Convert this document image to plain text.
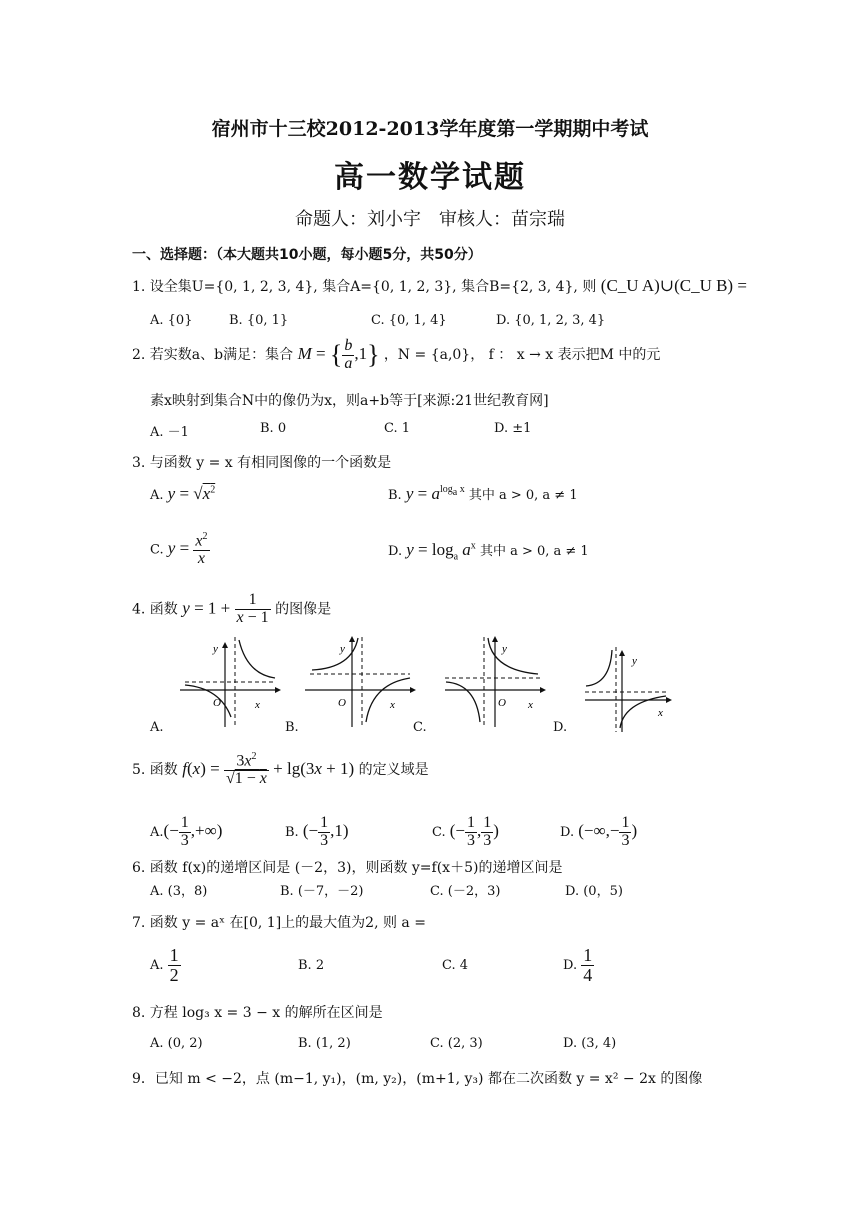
宿州市十三校2012-2013学年度第一学期期中考试
高一数学试题
命题人：刘小宇　审核人：苗宗瑞
一、选择题：（本大题共10小题，每小题5分，共50分）
1. 设全集U={0, 1, 2, 3, 4}, 集合A={0, 1, 2, 3}, 集合B={2, 3, 4}, 则 (C_U A)∪(C_U B) =
A. {0}	B. {0, 1}	C. {0, 1, 4}	D. {0, 1, 2, 3, 4}
2. 若实数a、b满足：集合 M = { $\frac{b}{a} ,1$} ，N = {a,0}， f ： x → x 表示把M 中的元
素x映射到集合N中的像仍为x，则a+b等于[来源:21世纪教育网]
A. －1	B. 0	C. 1	D. ±1
3. 与函数 y = x 有相同图像的一个函数是
A. $y = √x^2$	B. $y = a^{log_a x}$ 其中 a > 0, a ≠ 1
C. $y = \frac{x^2}{x}$	D. $y = \log_a a^x$ 其中 a > 0, a ≠ 1
4. 函数 $y = 1 + \frac{1}{x - 1}$ 的图像是
y
x
O
A.
y
x
O
B.
y
x
O
C.
y
x
D.
5. 函数 $f(x) = \frac{3x^2}{√1 - x} + \lg(3x + 1)$ 的定义域是
$A.(- \frac{1}{3}$ ,+∞)	B. (− $\frac{1}{3} ,1$)	C. (− $\frac{1}{3}$ , $\frac{1}{3}$ )	D. (−∞,− $\frac{1}{3}$ )
6. 函数 f(x)的递增区间是 (－2，3)，则函数 y=f(x＋5)的递增区间是
A. (3，8)	B. (－7，－2)	C. (－2，3)	D. (0，5)
7. 函数 y = aˣ 在[0, 1]上的最大值为2, 则 a =
A. $\frac{1}{2}$	B. 2	C. 4	D. $\frac{1}{4}$
8. 方程 log₃ x = 3 − x 的解所在区间是
A. (0, 2)	B. (1, 2)	C. (2, 3)	D. (3, 4)
9．已知 m < −2，点 (m−1, y₁)，(m, y₂)，(m+1, y₃) 都在二次函数 y = x² − 2x 的图像
